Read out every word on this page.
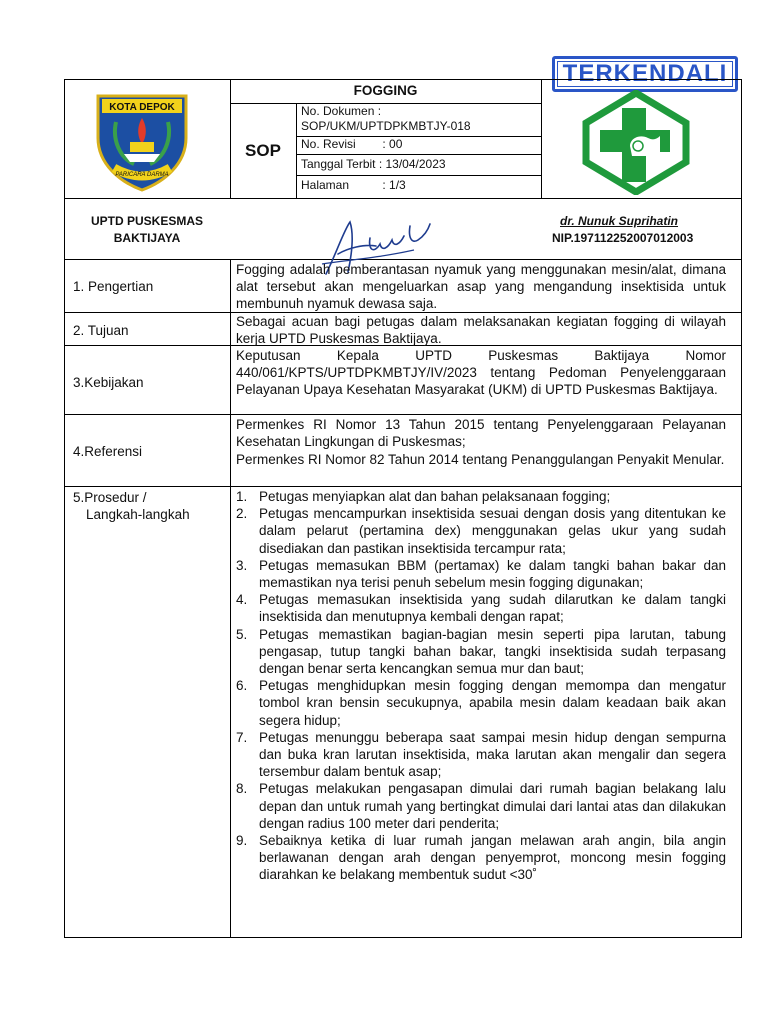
TERKENDALI
KOTA DEPOK
PARICARA DARMA
FOGGING
SOP
No. Dokumen :
SOP/UKM/UPTDPKMBTJY-018
No. Revisi        : 00
Tanggal Terbit : 13/04/2023
Halaman          : 1/3
UPTD PUSKESMAS
BAKTIJAYA
dr. Nunuk Suprihatin
NIP.197112252007012003
1. Pengertian
2. Tujuan
3.Kebijakan
4.Referensi
5.Prosedur /
Langkah-langkah
Fogging adalah pemberantasan nyamuk yang menggunakan mesin/alat, dimana alat tersebut akan mengeluarkan asap yang mengandung insektisida untuk membunuh nyamuk dewasa saja.
Sebagai acuan bagi petugas dalam melaksanakan kegiatan fogging di wilayah kerja UPTD Puskesmas Baktijaya.
Keputusan Kepala UPTD Puskesmas Baktijaya Nomor 440/061/KPTS/UPTDPKMBTJY/IV/2023 tentang Pedoman Penyelenggaraan Pelayanan Upaya Kesehatan Masyarakat (UKM) di UPTD Puskesmas Baktijaya.
Permenkes RI Nomor 13 Tahun 2015 tentang Penyelenggaraan Pelayanan Kesehatan Lingkungan di Puskesmas;
Permenkes RI Nomor 82 Tahun 2014 tentang Penanggulangan Penyakit Menular.
1. Petugas menyiapkan alat dan bahan pelaksanaan fogging;
2. Petugas mencampurkan insektisida sesuai dengan dosis yang ditentukan ke dalam pelarut (pertamina dex) menggunakan gelas ukur yang sudah disediakan dan pastikan insektisida tercampur rata;
3. Petugas memasukan BBM (pertamax) ke dalam tangki bahan bakar dan memastikan nya terisi penuh sebelum mesin fogging digunakan;
4. Petugas memasukan insektisida yang sudah dilarutkan ke dalam tangki insektisida dan menutupnya kembali dengan rapat;
5. Petugas memastikan bagian-bagian mesin seperti pipa larutan, tabung pengasap, tutup tangki bahan bakar, tangki insektisida sudah terpasang dengan benar serta kencangkan semua mur dan baut;
6. Petugas menghidupkan mesin fogging dengan memompa dan mengatur tombol kran bensin secukupnya, apabila mesin dalam keadaan baik akan segera hidup;
7. Petugas menunggu beberapa saat sampai mesin hidup dengan sempurna dan buka kran larutan insektisida, maka larutan akan mengalir dan segera tersembur dalam bentuk asap;
8. Petugas melakukan pengasapan dimulai dari rumah bagian belakang lalu depan dan untuk rumah yang bertingkat dimulai dari lantai atas dan dilakukan dengan radius 100 meter dari penderita;
9. Sebaiknya ketika di luar rumah jangan melawan arah angin, bila angin berlawanan dengan arah dengan penyemprot, moncong mesin fogging diarahkan ke belakang membentuk sudut <30˚
